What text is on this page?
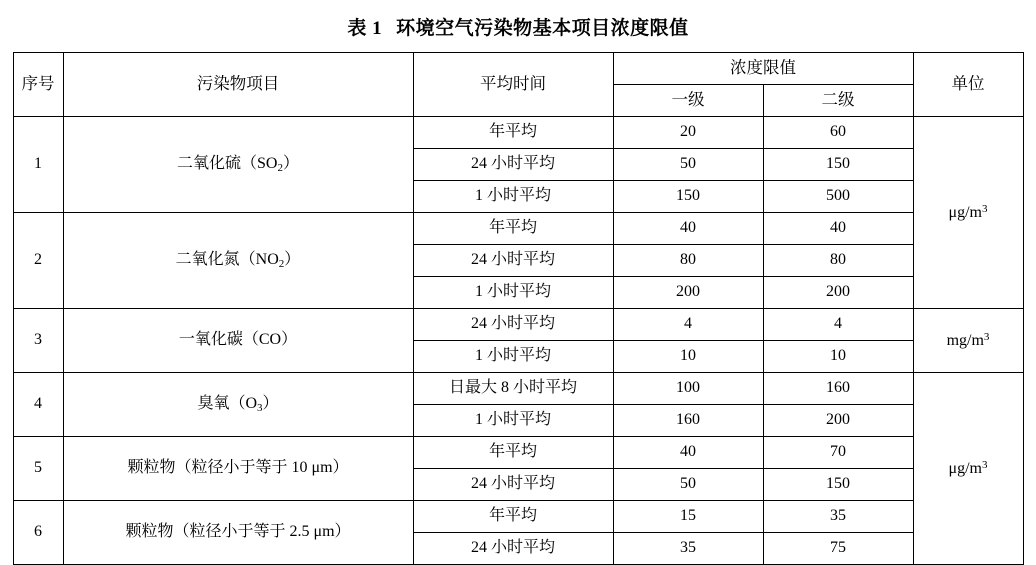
表 1 环境空气污染物基本项目浓度限值
序号	污染物项目	平均时间	浓度限值		单位
			一级	二级	
1	二氧化硫$(SO_2)$	年平均	20	60	$\mu g/m^3$
		24 小时平均	50	150	
		1 小时平均	150	500	
2	二氧化氮$(NO_2)$	年平均	40	40	
		24 小时平均	80	80	
		1 小时平均	200	200	
3	一氧化碳（CO）	24 小时平均	4	4	$mg/m^3$
		1 小时平均	10	10	
4	臭氧$(O_3)$	日最大 8 小时平均	100	160	$\mu g/m^3$
		1 小时平均	160	200	
5	颗粒物（粒径小于等于 10 μm）	年平均	40	70	
		24 小时平均	50	150	
6	颗粒物（粒径小于等于 2.5 μm）	年平均	15	35	
		24 小时平均	35	75	
